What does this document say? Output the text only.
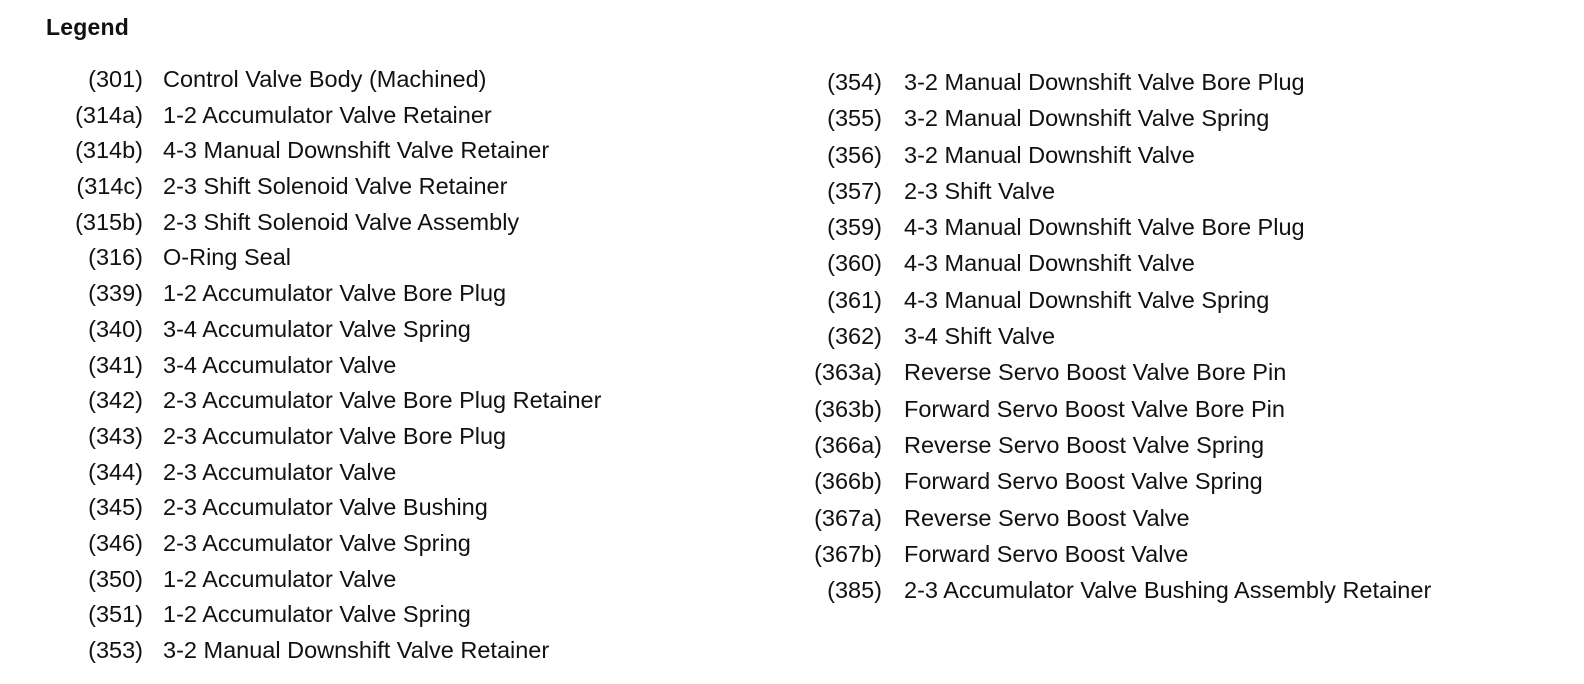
Legend
(301) Control Valve Body (Machined)
(314a) 1-2 Accumulator Valve Retainer
(314b) 4-3 Manual Downshift Valve Retainer
(314c) 2-3 Shift Solenoid Valve Retainer
(315b) 2-3 Shift Solenoid Valve Assembly
(316) O-Ring Seal
(339) 1-2 Accumulator Valve Bore Plug
(340) 3-4 Accumulator Valve Spring
(341) 3-4 Accumulator Valve
(342) 2-3 Accumulator Valve Bore Plug Retainer
(343) 2-3 Accumulator Valve Bore Plug
(344) 2-3 Accumulator Valve
(345) 2-3 Accumulator Valve Bushing
(346) 2-3 Accumulator Valve Spring
(350) 1-2 Accumulator Valve
(351) 1-2 Accumulator Valve Spring
(353) 3-2 Manual Downshift Valve Retainer
(354) 3-2 Manual Downshift Valve Bore Plug
(355) 3-2 Manual Downshift Valve Spring
(356) 3-2 Manual Downshift Valve
(357) 2-3 Shift Valve
(359) 4-3 Manual Downshift Valve Bore Plug
(360) 4-3 Manual Downshift Valve
(361) 4-3 Manual Downshift Valve Spring
(362) 3-4 Shift Valve
(363a) Reverse Servo Boost Valve Bore Pin
(363b) Forward Servo Boost Valve Bore Pin
(366a) Reverse Servo Boost Valve Spring
(366b) Forward Servo Boost Valve Spring
(367a) Reverse Servo Boost Valve
(367b) Forward Servo Boost Valve
(385) 2-3 Accumulator Valve Bushing Assembly Retainer
